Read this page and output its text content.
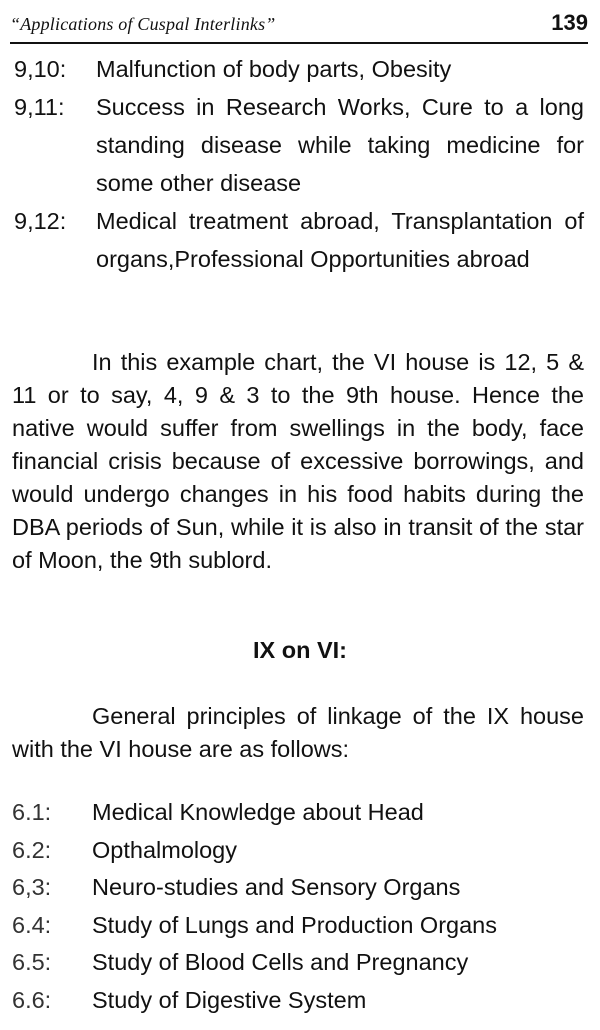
“Applications of Cuspal Interlinks”	139
9,10: Malfunction of body parts, Obesity
9,11: Success in Research Works, Cure to a long standing disease while taking medicine for some other disease
9,12: Medical treatment abroad, Transplantation of organs,Professional Opportunities abroad
In this example chart, the VI house is 12, 5 & 11 or to say, 4, 9 & 3 to the 9th house. Hence the native would suffer from swellings in the body, face financial crisis because of excessive borrowings, and would undergo changes in his food habits during the DBA periods of Sun, while it is also in transit of the star of Moon, the 9th sublord.
IX on VI:
General principles of linkage of the IX house with the VI house are as follows:
6.1: Medical Knowledge about Head
6.2: Opthalmology
6,3: Neuro-studies and Sensory Organs
6.4: Study of Lungs and Production Organs
6.5: Study of Blood Cells and Pregnancy
6.6: Study of Digestive System
